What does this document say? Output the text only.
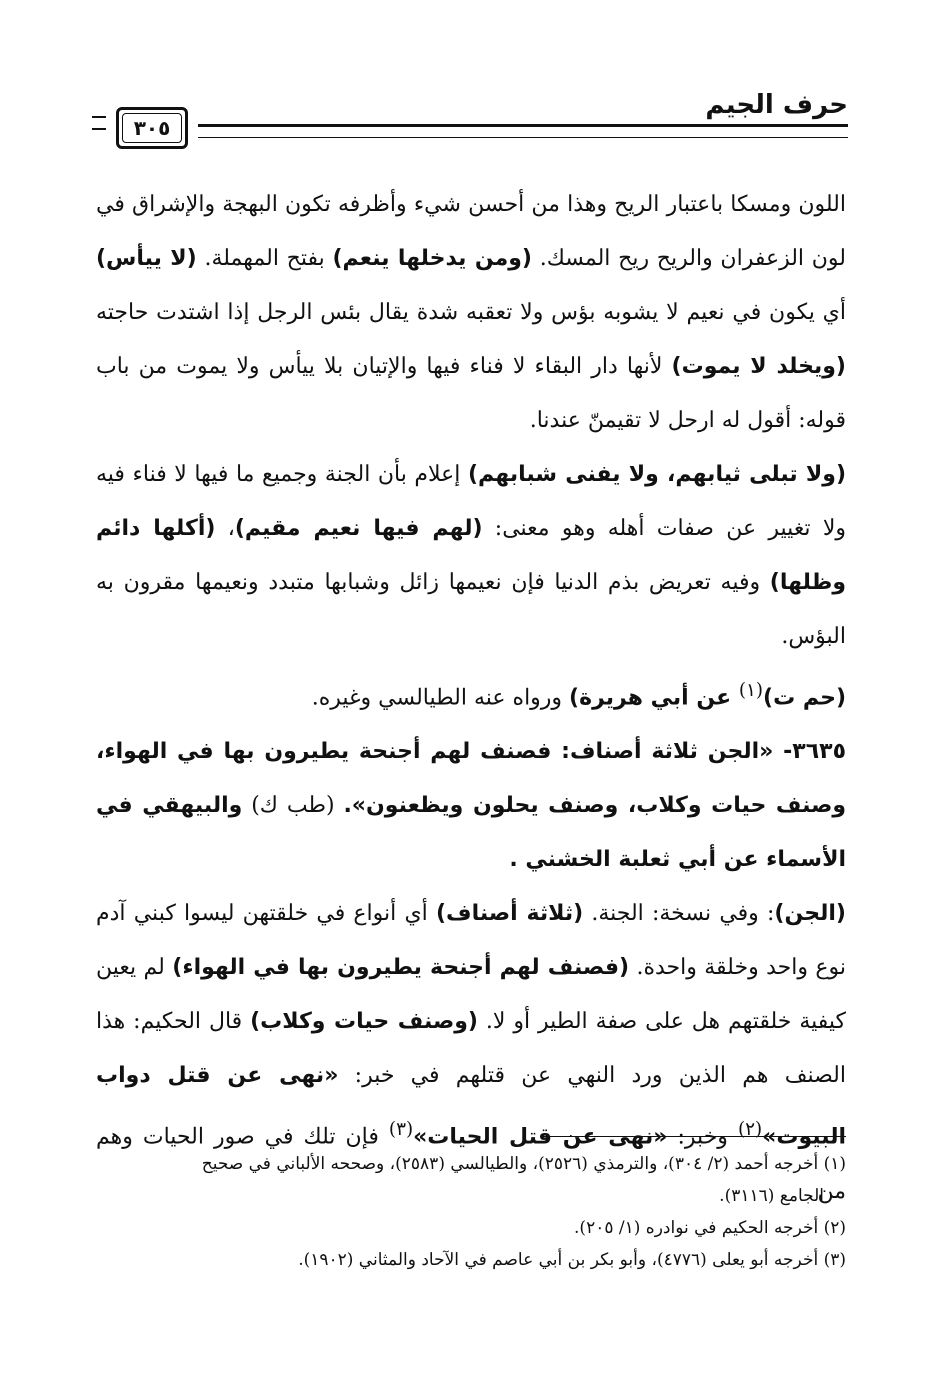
حرف الجيم
٣٠٥

اللون ومسكا باعتبار الريح وهذا من أحسن شيء وأظرفه تكون البهجة والإشراق في لون الزعفران والريح ريح المسك. (ومن يدخلها ينعم) بفتح المهملة. (لا ييأس) أي يكون في نعيم لا يشوبه بؤس ولا تعقبه شدة يقال بئس الرجل إذا اشتدت حاجته (ويخلد لا يموت) لأنها دار البقاء لا فناء فيها والإتيان بلا ييأس ولا يموت من باب قوله: أقول له ارحل لا تقيمنّ عندنا.

(ولا تبلى ثيابهم، ولا يفنى شبابهم) إعلام بأن الجنة وجميع ما فيها لا فناء فيه ولا تغيير عن صفات أهله وهو معنى: (لهم فيها نعيم مقيم)، (أكلها دائم وظلها) وفيه تعريض بذم الدنيا فإن نعيمها زائل وشبابها متبدد ونعيمها مقرون به البؤس.

(حم ت)$^{(١)}$ عن أبي هريرة) ورواه عنه الطيالسي وغيره.

٣٦٣٥- «الجن ثلاثة أصناف: فصنف لهم أجنحة يطيرون بها في الهواء، وصنف حيات وكلاب، وصنف يحلون ويظعنون». (طب ك) والبيهقي في الأسماء عن أبي ثعلبة الخشني .

(الجن): وفي نسخة: الجنة. (ثلاثة أصناف) أي أنواع في خلقتهن ليسوا كبني آدم نوع واحد وخلقة واحدة. (فصنف لهم أجنحة يطيرون بها في الهواء) لم يعين كيفية خلقتهم هل على صفة الطير أو لا. (وصنف حيات وكلاب) قال الحكيم: هذا الصنف هم الذين ورد النهي عن قتلهم في خبر: «نهى عن قتل دواب البيوت»$^{(٢)}$ وخبر: «نهى عن قتل الحيات»$^{(٣)}$ فإن تلك في صور الحيات وهم من

(١) أخرجه أحمد (٢/ ٣٠٤)، والترمذي (٢٥٢٦)، والطيالسي (٢٥٨٣)، وصححه الألباني في صحيح

الجامع (٣١١٦).

(٢) أخرجه الحكيم في نوادره (١/ ٢٠٥).

(٣) أخرجه أبو يعلى (٤٧٧٦)، وأبو بكر بن أبي عاصم في الآحاد والمثاني (١٩٠٢).
